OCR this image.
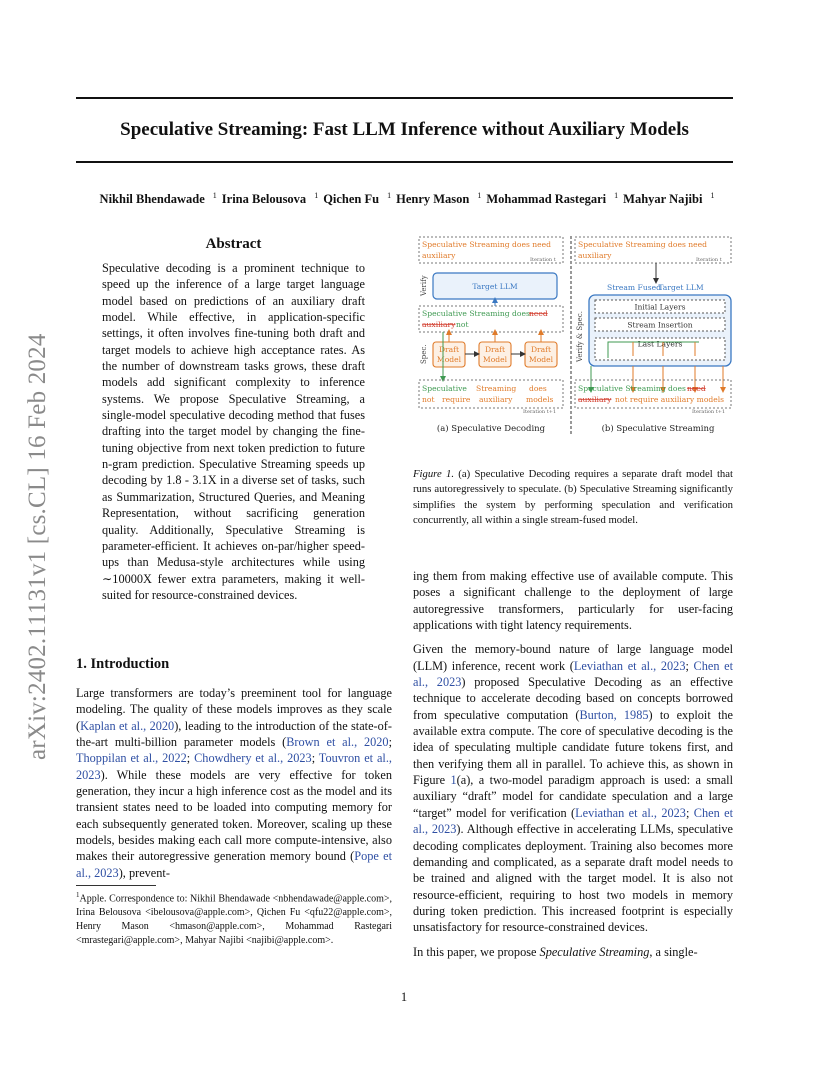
Speculative Streaming: Fast LLM Inference without Auxiliary Models
Nikhil Bhendawade $^1$ Irina Belousova $^1$ Qichen Fu $^1$ Henry Mason $^1$ Mohammad Rastegari $^1$ Mahyar Najibi $^1$
arXiv:2402.11131v1 [cs.CL] 16 Feb 2024
Abstract

Speculative decoding is a prominent technique to speed up the inference of a large target language model based on predictions of an auxiliary draft model. While effective, in application-specific settings, it often involves fine-tuning both draft and target models to achieve high acceptance rates. As the number of downstream tasks grows, these draft models add significant complexity to inference systems. We propose Speculative Streaming, a single-model speculative decoding method that fuses drafting into the target model by changing the fine-tuning objective from next token prediction to future n-gram prediction. Speculative Streaming speeds up decoding by 1.8 - 3.1X in a diverse set of tasks, such as Summarization, Structured Queries, and Meaning Representation, without sacrificing generation quality. Additionally, Speculative Streaming is parameter-efficient. It achieves on-par/higher speed-ups than Medusa-style architectures while using ∼10000X fewer extra parameters, making it well-suited for resource-constrained devices.

1. Introduction

Large transformers are today’s preeminent tool for language modeling. The quality of these models improves as they scale (Kaplan et al., 2020), leading to the introduction of the state-of-the-art multi-billion parameter models (Brown et al., 2020; Thoppilan et al., 2022; Chowdhery et al., 2023; Touvron et al., 2023). While these models are very effective for token generation, they incur a high inference cost as the model and its transient states need to be loaded into computing memory for each subsequently generated token. Moreover, scaling up these models, besides making each call more compute-intensive, also makes their autoregressive generation memory bound (Pope et al., 2023), prevent-

$^1$Apple. Correspondence to: Nikhil Bhendawade <nbhendawade@apple.com>, Irina Belousova <ibelousova@apple.com>, Qichen Fu <qfu22@apple.com>, Henry Mason <hmason@apple.com>, Mohammad Rastegari <mrastegari@apple.com>, Mahyar Najibi <najibi@apple.com>.

Speculative Streaming does need
auxiliary	Iteration t
Verify	Target LLM
Speculative Streaming does need
auxiliary not
Spec. Draft
Model
Draft
Model
Draft
Model
Speculative Streaming does
not require auxiliary models
Iteration t+1
(a) Speculative Decoding
Speculative Streaming does need
auxiliary	Iteration t
Verify & Spec.
Stream Fused
Target LLM
Initial Layers
Stream Insertion
Last Layers
Speculative Streaming does need
auxiliary not require auxiliary models
Iteration t+1
(b) Speculative Streaming

Figure 1. (a) Speculative Decoding requires a separate draft model that runs autoregressively to speculate. (b) Speculative Streaming significantly simplifies the system by performing speculation and verification concurrently, all within a single stream-fused model.

ing them from making effective use of available compute. This poses a significant challenge to the deployment of large autoregressive transformers, particularly for user-facing applications with tight latency requirements.

Given the memory-bound nature of large language model (LLM) inference, recent work (Leviathan et al., 2023; Chen et al., 2023) proposed Speculative Decoding as an effective technique to accelerate decoding based on concepts borrowed from speculative computation (Burton, 1985) to exploit the available extra compute. The core of speculative decoding is the idea of speculating multiple candidate future tokens first, and then verifying them all in parallel. To achieve this, as shown in Figure 1(a), a two-model paradigm approach is used: a small auxiliary “draft” model for candidate speculation and a large “target” model for verification (Leviathan et al., 2023; Chen et al., 2023). Although effective in accelerating LLMs, speculative decoding complicates deployment. Training also becomes more demanding and complicated, as a separate draft model needs to be trained and aligned with the target model. It is also not resource-efficient, requiring to host two models in memory during token prediction. This increased footprint is especially unsatisfactory for resource-constrained devices.

In this paper, we propose Speculative Streaming, a single-

1
